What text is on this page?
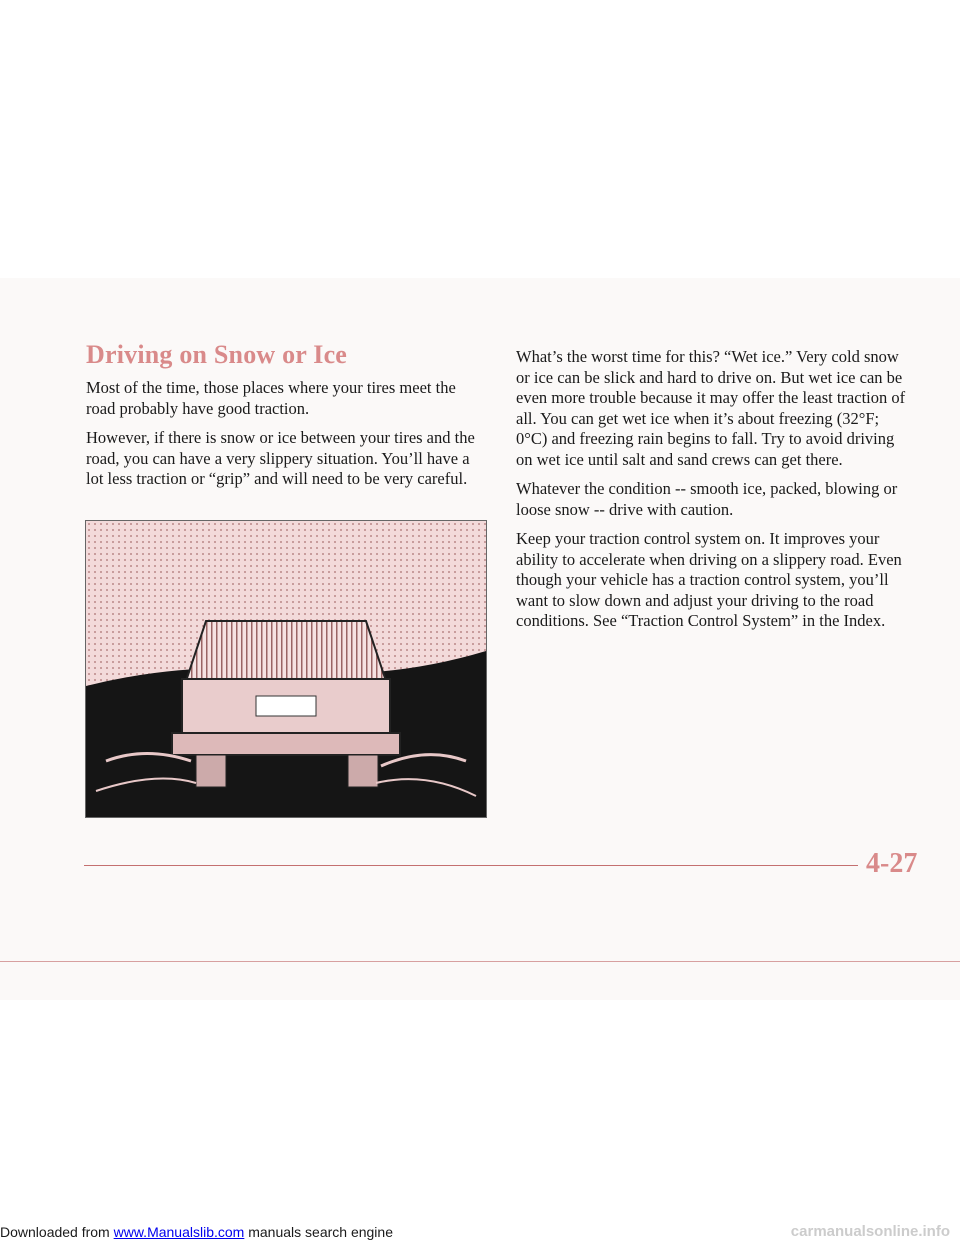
Driving on Snow or Ice

Most of the time, those places where your tires meet the road probably have good traction.

However, if there is snow or ice between your tires and the road, you can have a very slippery situation. You’ll have a lot less traction or “grip” and will need to be very careful.

What’s the worst time for this? “Wet ice.” Very cold snow or ice can be slick and hard to drive on. But wet ice can be even more trouble because it may offer the least traction of all. You can get wet ice when it’s about freezing (32°F; 0°C) and freezing rain begins to fall. Try to avoid driving on wet ice until salt and sand crews can get there.

Whatever the condition -- smooth ice, packed, blowing or loose snow -- drive with caution.

Keep your traction control system on. It improves your ability to accelerate when driving on a slippery road. Even though your vehicle has a traction control system, you’ll want to slow down and adjust your driving to the road conditions. See “Traction Control System” in the Index.

4-27
Downloaded from www.Manualslib.com manuals search engine	carmanualsonline.info
